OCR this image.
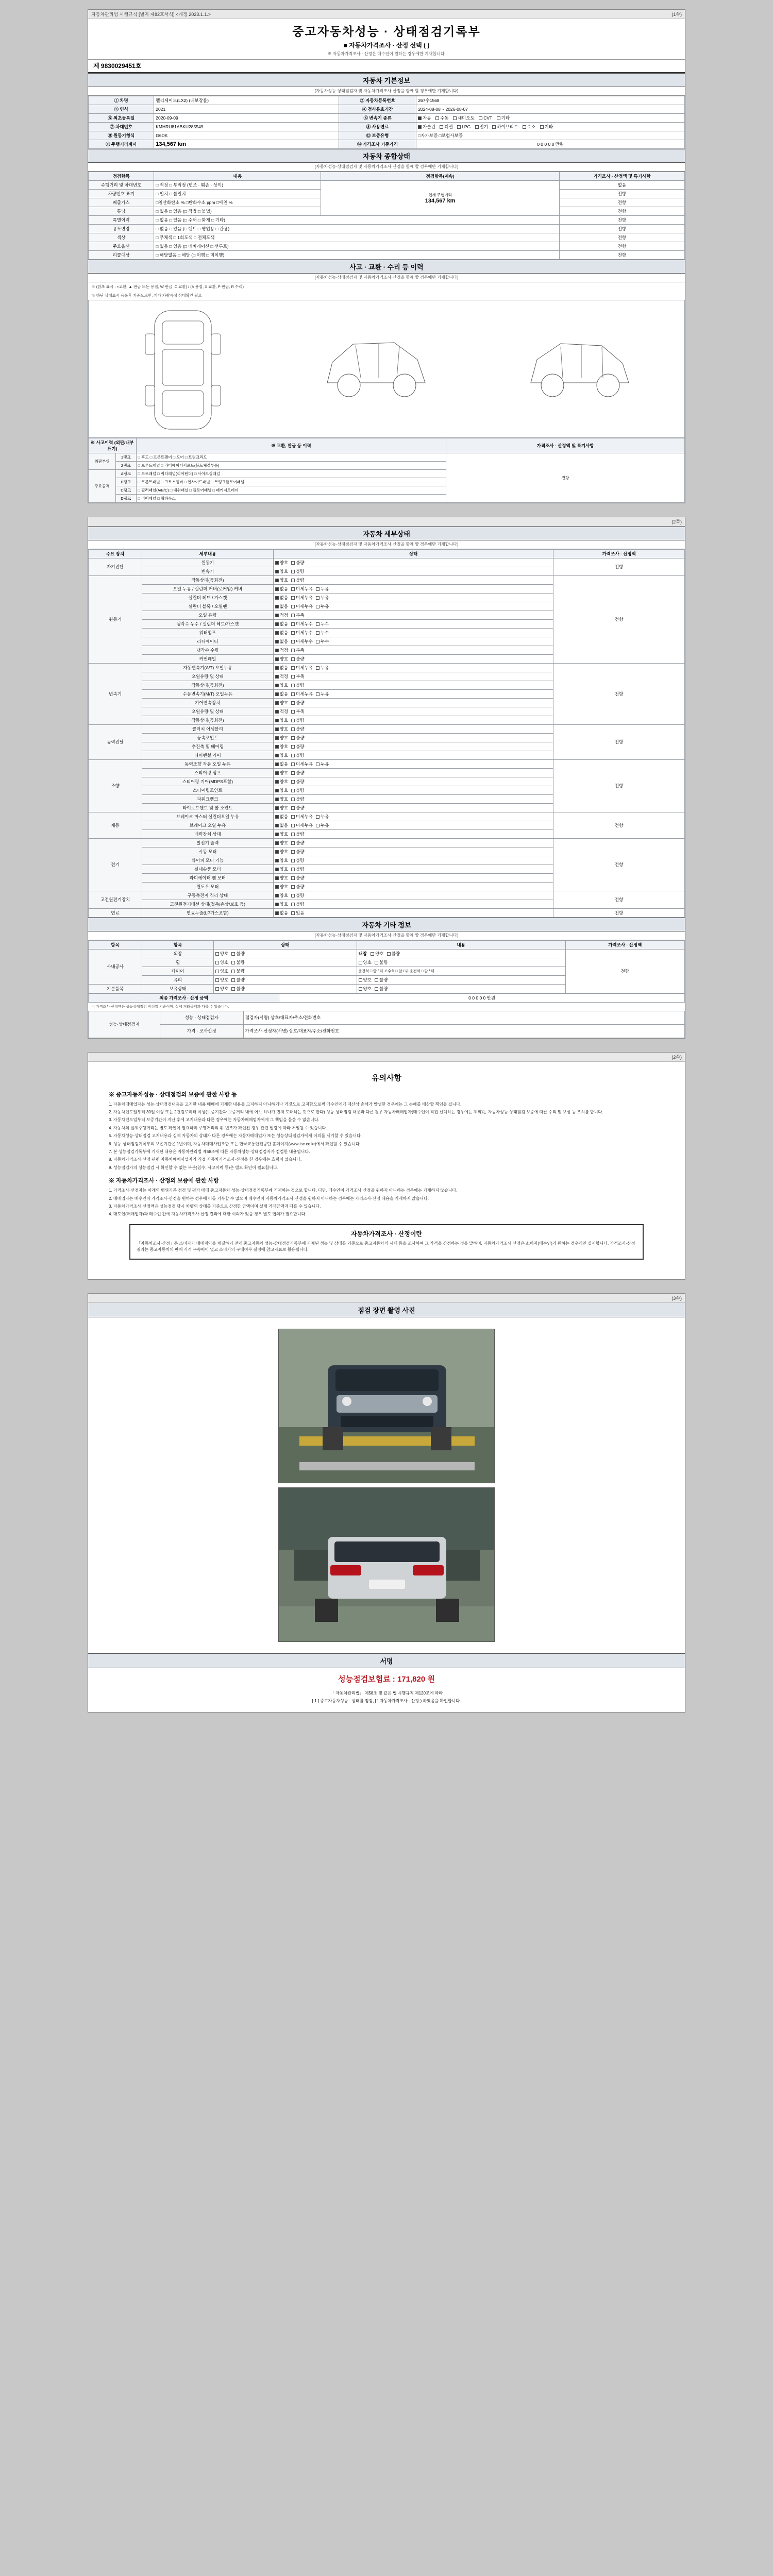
자동차관리법 시행규칙 [별지 제82호서식] <개정 2023.1.1.>	(1쪽)
중고자동차성능 · 상태점검기록부
■ 자동차가격조사 · 산정 선택 ( )
※ 자동차가격조사 · 산정은 매수인이 원하는 경우에만 기재합니다.
제 9830029451호
자동차 기본정보
(자동차성능·상태점검자 및 자동차가격조사·산정을 함께 할 경우에만 기재합니다)
① 차명	팰리세이드(LX2) (내보장률)	② 자동차등록번호	267수1568
③ 연식	2021	④ 검사유효기간	2024-08-08 ~ 2026-08-07
⑤ 최초등록일	2020-09-09	⑥ 변속기 종류	자동 수동 세미오토 CVT 기타
⑦ 차대번호	KMHRU81ABKU285549	⑧ 사용연료	가솔린 디젤 LPG 전기 하이브리드 수소 기타
⑪ 원동기형식	G6DK	⑫ 보증유형	□자가보증 □보험사보증
⑬ 주행거리계시	134,567 km	⑭ 가격조사 기준가격	0 0 0 0 0 만원
자동차 종합상태
(자동차성능·상태점검자 및 자동차가격조사·산정을 함께 할 경우에만 기재합니다)
점검항목	내용	점검항목(계속)	가격조사 · 산정액 및 특기사항
주행거리 및 차대번호	□ 적정 □ 부적정 (변조 · 훼손 · 상이)	현재 주행거리
134,567 km	없음
차량번호 표기	□ 일치 □ 불일치		전항
배출가스	□일산화탄소 % □탄화수소 ppm □매연 %		전항
튜닝	□ 없음 □ 있음 (□ 적법 □ 불법)		전항
특별이력	□ 없음 □ 있음 (□ 수해 □ 화재 □ 기타)		전항
용도변경	□ 없음 □ 있음 (□ 렌트 □ 영업용 □ 관용)		전항
색상	□ 무채색 □ 1회도색 □ 전체도색		전항
주요옵션	□ 없음 □ 있음 (□ 네비게이션 □ 선루프)		전항
리콜대상	□ 해당없음 □ 해당 (□ 이행 □ 미이행)		전항
사고 · 교환 · 수리 등 이력
(자동차성능·상태점검자 및 자동차가격조사·산정을 함께 할 경우에만 기재합니다)
※ (참초 표시 : ×교환, ▲ 판금 또는 용접, W 판금, C 교환) / (A 용접, X 교환, P 판금, R 수리)
※ 하단 상태표시 등록후 기준으로만, 기타 차량특성 상태확인 필요
※ 사고이력 (외판/내부 표기)		※ 교환, 판금 등 이력	가격조사 · 산정액 및 특기사항
외판부위	1랭크	□ 후드 □ 프론트펜더 □ 도어 □ 트렁크리드	전항
	2랭크	□ 프론트패널 □ 라디에이터서포트(볼트체결부품)	
주요골격	A랭크	□ 루프패널 □ 쿼터패널(리어펜더) □ 사이드실패널	
	B랭크	□ 프론트패널 □ 크로스멤버 □ 인사이드패널 □ 트렁크플로어패널	
	C랭크	□ 필러패널(A/B/C) □ 대쉬패널 □ 플로어패널 □ 패키지트레이	
	D랭크	□ 리어패널 □ 휠하우스	
(2쪽)
자동차 세부상태
(자동차성능·상태점검자 및 자동차가격조사·산정을 함께 할 경우에만 기재합니다)
주요 장치	세부내용	상태	가격조사 · 산정액
자기진단	원동기	양호 불량	전항
	변속기	양호 불량	
원동기	작동상태(공회전)	양호 불량	전항
	오일 누유 / 실린더 커버(로커암) 커버	없음 미세누유 누유	
	실린더 헤드 / 가스켓	없음 미세누유 누유	
	실린더 블록 / 오일팬	없음 미세누유 누유	
	오일 유량	적정 부족	
	냉각수 누수 / 실린더 헤드/가스켓	없음 미세누수 누수	
	워터펌프	없음 미세누수 누수	
	라디에이터	없음 미세누수 누수	
	냉각수 수량	적정 부족	
	커먼레일	양호 불량	
변속기	자동변속기(A/T) 오일누유	없음 미세누유 누유	전항
	오일유량 및 상태	적정 부족	
	작동상태(공회전)	양호 불량	
	수동변속기(M/T) 오일누유	없음 미세누유 누유	
	기어변속장치	양호 불량	
	오일유량 및 상태	적정 부족	
	작동상태(공회전)	양호 불량	
동력전달	클러치 어셈블리	양호 불량	전항
	등속조인트	양호 불량	
	추진축 및 베어링	양호 불량	
	디퍼렌셜 기어	양호 불량	
조향	동력조향 작동 오일 누유	없음 미세누유 누유	전항
	스티어링 펌프	양호 불량	
	스티어링 기어(MDPS포함)	양호 불량	
	스티어링조인트	양호 불량	
	파워크랭크	양호 불량	
	타이로드엔드 및 볼 조인트	양호 불량	
제동	브레이크 마스터 실린더오일 누유	없음 미세누유 누유	전항
	브레이크 오일 누유	없음 미세누유 누유	
	배력장치 상태	양호 불량	
전기	발전기 출력	양호 불량	전항
	시동 모터	양호 불량	
	와이퍼 모터 기능	양호 불량	
	실내송풍 모터	양호 불량	
	라디에이터 팬 모터	양호 불량	
	윈도우 모터	양호 불량	
고전원전기장치	구동축전지 격리 상태	양호 불량	전항
	고전원전기배선 상태(접촉/손상/보호 등)	양호 불량	
연료	연료누출(LP가스포함)	없음 있음	전항
자동차 기타 정보
(자동차성능·상태점검자 및 자동차가격조사·산정을 함께 할 경우에만 기재합니다)
항목	항목	상태	내용	가격조사 · 산정액
사내공사	외장	양호 불량	내장 양호 불량	전항
	휠	양호 불량	양호 불량	
	타이어	양호 불량	운전석 □ 앞 / 뒤 조수석 □ 앞 / 뒤 운전석 □ 앞 / 뒤	
	유리	양호 불량	양호 불량	
기본품목	보유상태	양호 불량	양호 불량	
최종 가격조사 · 산정 금액	0 0 0 0 0 만원
※ 가격조사·산정액은 성능상태점검 작성일 기준이며, 실제 거래금액과 다를 수 있습니다.
성능·상태점검자	성능 · 상태점검자	점검자(서명) 상호/대표자/주소/전화번호
	가격 · 조사산정	가격조사·산정자(서명) 상호/대표자/주소/전화번호
(2쪽)
유의사항
※ 중고자동차성능 · 상태점검의 보증에 관한 사항 등

1. 자동차매매업자는 성능·상태점검내용을 고지한 내용 매매에 기재한 내용을 고지하지 아니하거나 거짓으로 고지함으로써 매수인에게 재산상 손해가 발생한 경우에는 그 손해를 배상할 책임을 집니다.

2. 자동차인도일부터 30일 이상 또는 2천킬로미터 이상(보증기간과 보증거리 내에 어느 하나가 먼저 도래하는 것으로 한다) 성능·상태점검 내용과 다른 경우 자동차매매업자(매수인이 직접 선택하는 경우에는 제외)는 자동차성능·상태점검 보증에 따른 수리 및 보상 등 조치를 합니다.

3. 자동차인도일부터 보증기간이 지난 후에 고지내용과 다른 경우에는 자동차매매업자에게 그 책임을 물을 수 없습니다.

4. 자동차의 실제주행거리는 별도 확인이 필요하며 주행거리의 위·변조가 확인된 경우 관련 법령에 따라 처벌될 수 있습니다.

5. 자동차성능·상태점검 고지내용과 실제 자동차의 상태가 다른 경우에는 자동차매매업자 또는 성능상태점검자에게 이의를 제기할 수 있습니다.

6. 성능·상태점검기록부의 보존기간은 1년이며, 자동차매매사업조합 또는 한국교통안전공단 홈페이지(www.tsc.co.kr)에서 확인할 수 있습니다.

7. 본 성능점검기록부에 기재된 내용은 자동차관리법 제58조에 따른 자동차성능·상태점검자가 점검한 내용입니다.

8. 자동차가격조사·산정 관련 자동차매매사업자가 직접 자동차가격조사·산정을 한 경우에는 효력이 없습니다.

9. 성능점검자의 성능점검 시 확인할 수 없는 부분(침수, 사고이력 등)은 별도 확인이 필요합니다.

※ 자동차가격조사 · 산정의 보증에 관한 사항

1. 가격조사·산정자는 아래의 범위기준 점검 및 평가 매매 중고자동차 성능·상태점검기록부에 기재하는 것으로 합니다. 다만, 매수인이 가격조사·산정을 원하지 아니하는 경우에는 기재하지 않습니다.

2. 매매업자는 매수인이 가격조사·산정을 원하는 경우에 이를 거부할 수 없으며 매수인이 자동차가격조사·산정을 원하지 아니하는 경우에는 가격조사·산정 내용을 기재하지 않습니다.

3. 자동차가격조사·산정액은 성능점검 당시 차량의 상태를 기준으로 산정한 금액이며 실제 거래금액과 다를 수 있습니다.

4. 매도인(매매업자)과 매수인 간에 자동차가격조사·산정 결과에 대한 이의가 있을 경우 별도 협의가 필요합니다.

자동차가격조사 · 산정이란

「자동차조사·산정」은 소비자가 매매계약을 체결하기 전에 중고자동차 성능·상태점검기록부에 기재된 성능 및 상태를 기준으로 중고자동차의 시세 등을 조사하여 그 가격을 산정하는 것을 말하며, 자동차가격조사·산정은 소비자(매수인)가 원하는 경우에만 실시합니다. 가격조사·산정 결과는 중고자동차의 판매 가격 구속력이 없고 소비자의 구매여부 결정에 참고자료로 활용됩니다.

(3쪽)
점검 장면 촬영 사진
서명
성능점검보험료 : 171,820 원
「 자동차관리법」 제58조 및 같은 법 시행규칙 제120조에 따라
[ 1 ] 중고자동차성능 · 상태를 점검, [ ] 자동차가격조사 · 산정 ) 하였음을 확인합니다.
